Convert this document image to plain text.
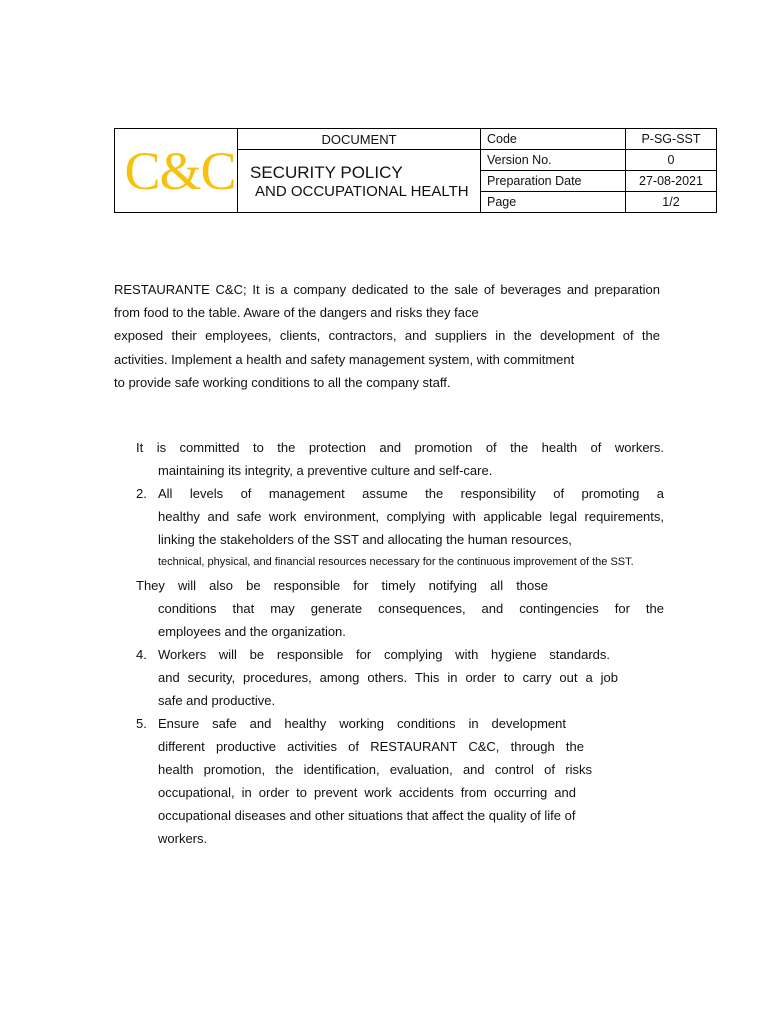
C&C	DOCUMENT	Code	P-SG-SST

	SECURITY POLICY
AND OCCUPATIONAL HEALTH	Version No.	0
		Preparation Date	27-08-2021
		Page	1/2

RESTAURANTE C&C; It is a company dedicated to the sale of beverages and preparation

from food to the table. Aware of the dangers and risks they face

exposed their employees, clients, contractors, and suppliers in the development of the

activities. Implement a health and safety management system, with commitment

to provide safe working conditions to all the company staff.

It is committed to the protection and promotion of the health of workers.
maintaining its integrity, a preventive culture and self-care.
2. All levels of management assume the responsibility of promoting a
healthy and safe work environment, complying with applicable legal requirements,
linking the stakeholders of the SST and allocating the human resources,
technical, physical, and financial resources necessary for the continuous improvement of the SST.
They will also be responsible for timely notifying all those
conditions that may generate consequences, and contingencies for the
employees and the organization.
4. Workers will be responsible for complying with hygiene standards.
and security, procedures, among others. This in order to carry out a job
safe and productive.
5. Ensure safe and healthy working conditions in development
different productive activities of RESTAURANT C&C, through the
health promotion, the identification, evaluation, and control of risks
occupational, in order to prevent work accidents from occurring and
occupational diseases and other situations that affect the quality of life of
workers.
